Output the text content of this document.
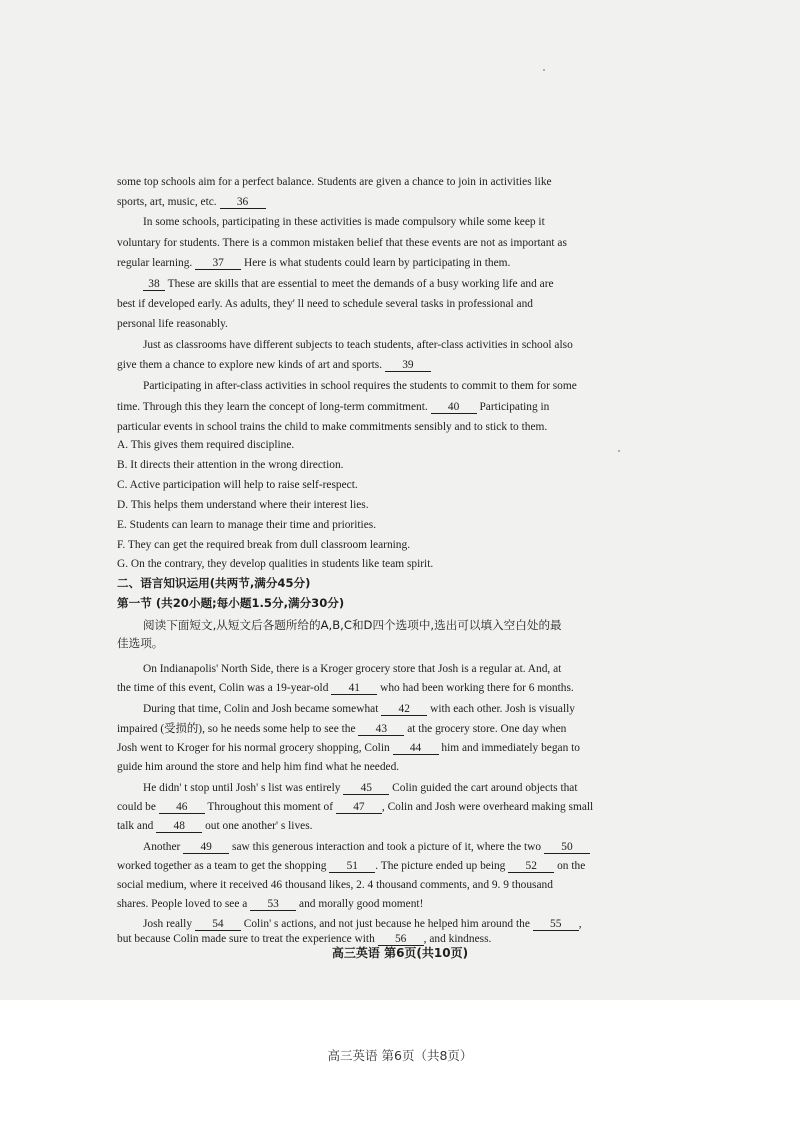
some top schools aim for a perfect balance. Students are given a chance to join in activities like
sports, art, music, etc. 36
In some schools, participating in these activities is made compulsory while some keep it
voluntary for students. There is a common mistaken belief that these events are not as important as
regular learning. 37 Here is what students could learn by participating in them.
38 These are skills that are essential to meet the demands of a busy working life and are
best if developed early. As adults, they' ll need to schedule several tasks in professional and
personal life reasonably.
Just as classrooms have different subjects to teach students, after-class activities in school also
give them a chance to explore new kinds of art and sports. 39
Participating in after-class activities in school requires the students to commit to them for some
time. Through this they learn the concept of long-term commitment. 40 Participating in
particular events in school trains the child to make commitments sensibly and to stick to them.
A. This gives them required discipline.
B. It directs their attention in the wrong direction.
C. Active participation will help to raise self-respect.
D. This helps them understand where their interest lies.
E. Students can learn to manage their time and priorities.
F. They can get the required break from dull classroom learning.
G. On the contrary, they develop qualities in students like team spirit.
二、语言知识运用(共两节,满分45分)
第一节 (共20小题;每小题1.5分,满分30分)
阅读下面短文,从短文后各题所给的A,B,C和D四个选项中,选出可以填入空白处的最
佳选项。
On Indianapolis' North Side, there is a Kroger grocery store that Josh is a regular at. And, at
the time of this event, Colin was a 19-year-old 41 who had been working there for 6 months.
During that time, Colin and Josh became somewhat 42 with each other. Josh is visually
impaired (受损的), so he needs some help to see the 43 at the grocery store. One day when
Josh went to Kroger for his normal grocery shopping, Colin 44 him and immediately began to
guide him around the store and help him find what he needed.
He didn' t stop until Josh' s list was entirely 45 Colin guided the cart around objects that
could be 46 Throughout this moment of 47 , Colin and Josh were overheard making small
talk and 48 out one another' s lives.
Another 49 saw this generous interaction and took a picture of it, where the two 50
worked together as a team to get the shopping 51 . The picture ended up being 52 on the
social medium, where it received 46 thousand likes, 2. 4 thousand comments, and 9. 9 thousand
shares. People loved to see a 53 and morally good moment!
Josh really 54 Colin' s actions, and not just because he helped him around the 55 ,
but because Colin made sure to treat the experience with 56 , and kindness.
高三英语 第6页(共10页)
高三英语 第6页（共8页）
